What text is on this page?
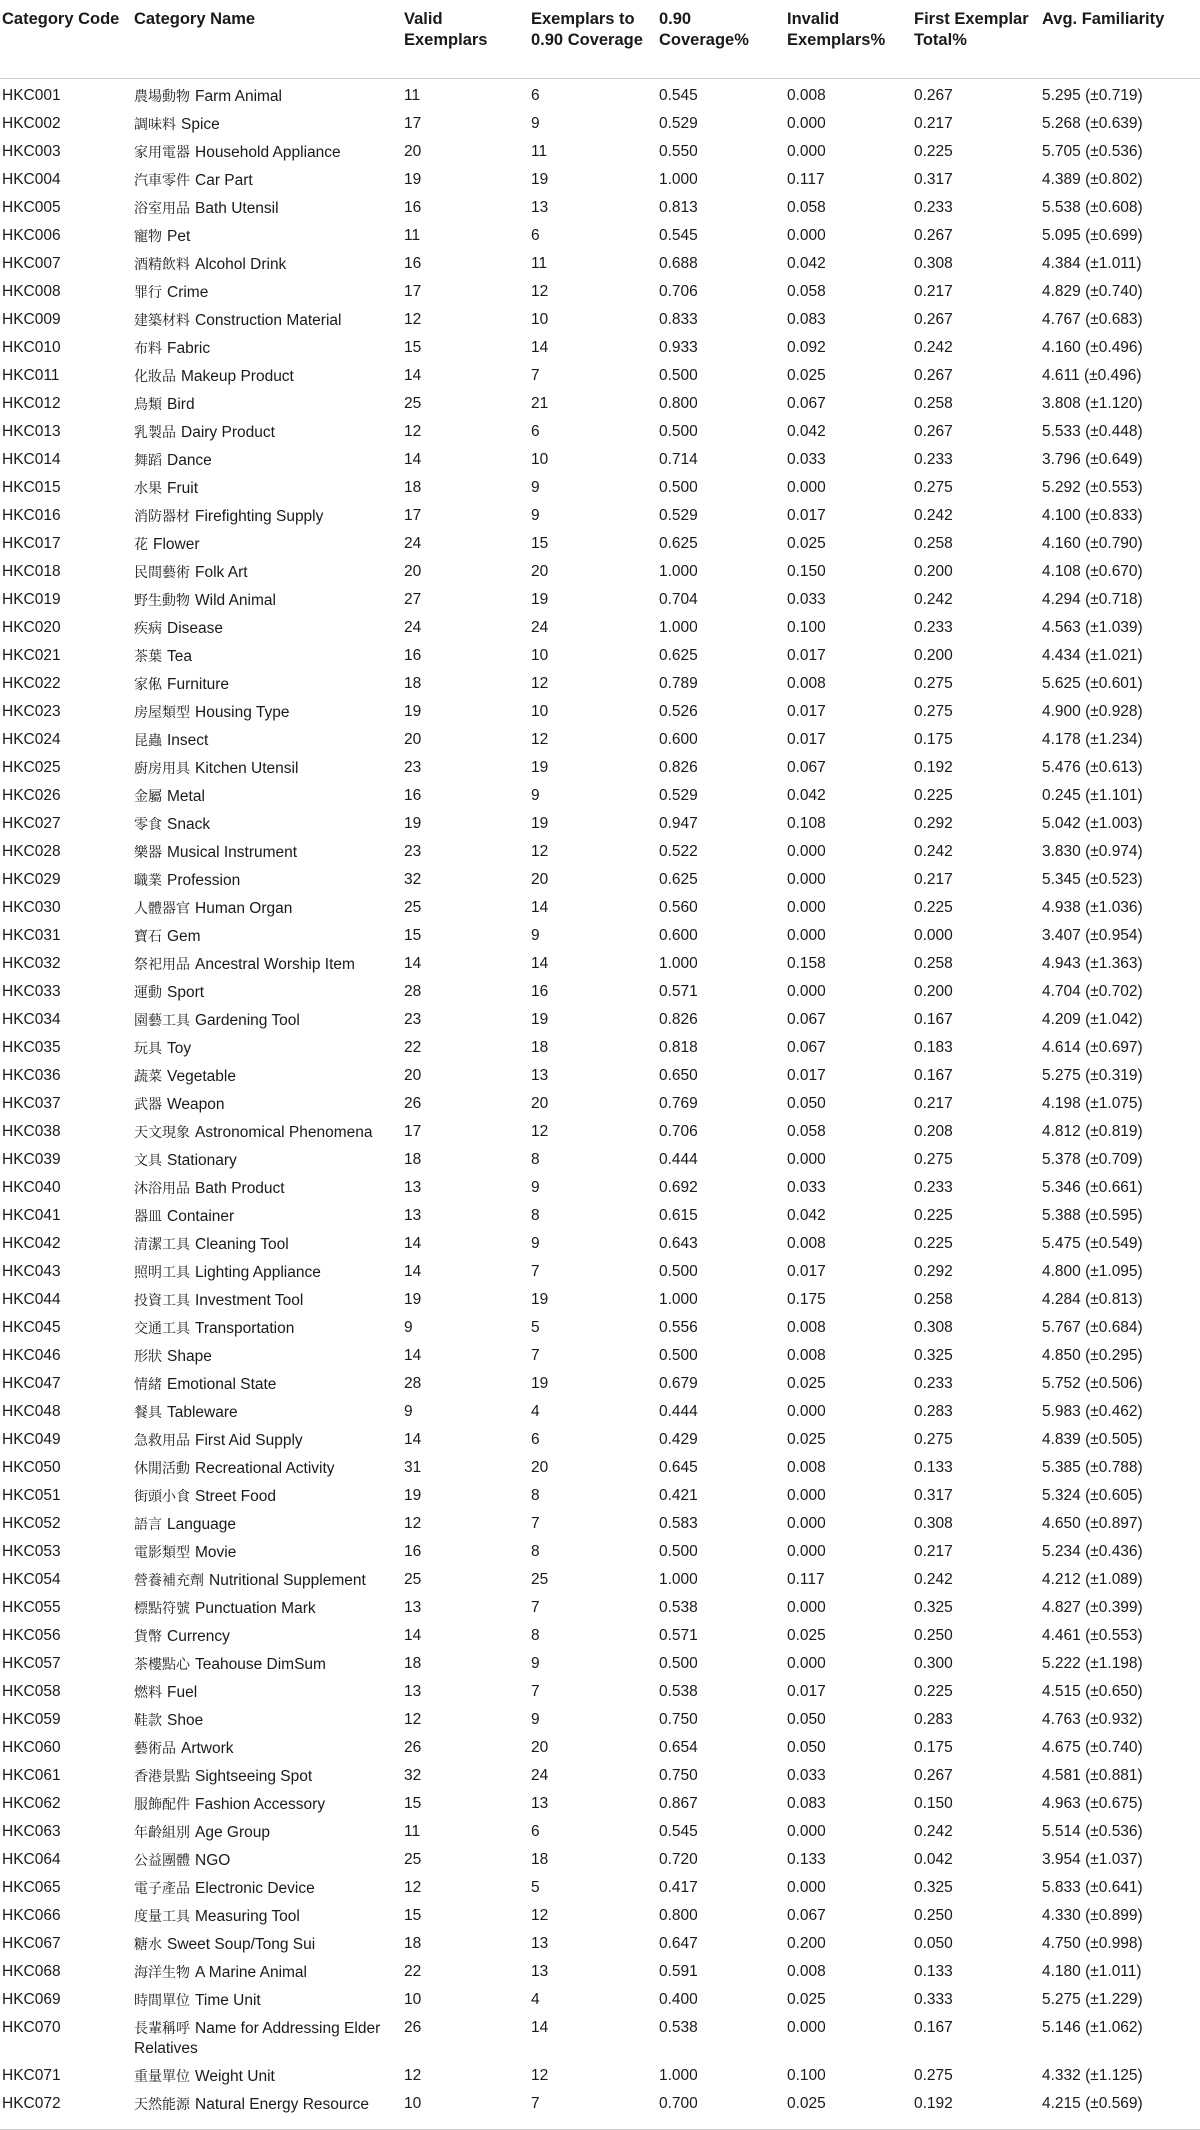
Category Code	Category Name	Valid Exemplars	Exemplars to 0.90 Coverage	0.90 Coverage%	Invalid Exemplars%	First Exemplar Total%	Avg. Familiarity
HKC001	農場動物 Farm Animal	11	6	0.545	0.008	0.267	5.295 (±0.719)
HKC002	調味料 Spice	17	9	0.529	0.000	0.217	5.268 (±0.639)
HKC003	家用電器 Household Appliance	20	11	0.550	0.000	0.225	5.705 (±0.536)
HKC004	汽車零件 Car Part	19	19	1.000	0.117	0.317	4.389 (±0.802)
HKC005	浴室用品 Bath Utensil	16	13	0.813	0.058	0.233	5.538 (±0.608)
HKC006	寵物 Pet	11	6	0.545	0.000	0.267	5.095 (±0.699)
HKC007	酒精飲料 Alcohol Drink	16	11	0.688	0.042	0.308	4.384 (±1.011)
HKC008	罪行 Crime	17	12	0.706	0.058	0.217	4.829 (±0.740)
HKC009	建築材料 Construction Material	12	10	0.833	0.083	0.267	4.767 (±0.683)
HKC010	布料 Fabric	15	14	0.933	0.092	0.242	4.160 (±0.496)
HKC011	化妝品 Makeup Product	14	7	0.500	0.025	0.267	4.611 (±0.496)
HKC012	鳥類 Bird	25	21	0.800	0.067	0.258	3.808 (±1.120)
HKC013	乳製品 Dairy Product	12	6	0.500	0.042	0.267	5.533 (±0.448)
HKC014	舞蹈 Dance	14	10	0.714	0.033	0.233	3.796 (±0.649)
HKC015	水果 Fruit	18	9	0.500	0.000	0.275	5.292 (±0.553)
HKC016	消防器材 Firefighting Supply	17	9	0.529	0.017	0.242	4.100 (±0.833)
HKC017	花 Flower	24	15	0.625	0.025	0.258	4.160 (±0.790)
HKC018	民間藝術 Folk Art	20	20	1.000	0.150	0.200	4.108 (±0.670)
HKC019	野生動物 Wild Animal	27	19	0.704	0.033	0.242	4.294 (±0.718)
HKC020	疾病 Disease	24	24	1.000	0.100	0.233	4.563 (±1.039)
HKC021	茶葉 Tea	16	10	0.625	0.017	0.200	4.434 (±1.021)
HKC022	家俬 Furniture	18	12	0.789	0.008	0.275	5.625 (±0.601)
HKC023	房屋類型 Housing Type	19	10	0.526	0.017	0.275	4.900 (±0.928)
HKC024	昆蟲 Insect	20	12	0.600	0.017	0.175	4.178 (±1.234)
HKC025	廚房用具 Kitchen Utensil	23	19	0.826	0.067	0.192	5.476 (±0.613)
HKC026	金屬 Metal	16	9	0.529	0.042	0.225	0.245 (±1.101)
HKC027	零食 Snack	19	19	0.947	0.108	0.292	5.042 (±1.003)
HKC028	樂器 Musical Instrument	23	12	0.522	0.000	0.242	3.830 (±0.974)
HKC029	職業 Profession	32	20	0.625	0.000	0.217	5.345 (±0.523)
HKC030	人體器官 Human Organ	25	14	0.560	0.000	0.225	4.938 (±1.036)
HKC031	寶石 Gem	15	9	0.600	0.000	0.000	3.407 (±0.954)
HKC032	祭祀用品 Ancestral Worship Item	14	14	1.000	0.158	0.258	4.943 (±1.363)
HKC033	運動 Sport	28	16	0.571	0.000	0.200	4.704 (±0.702)
HKC034	園藝工具 Gardening Tool	23	19	0.826	0.067	0.167	4.209 (±1.042)
HKC035	玩具 Toy	22	18	0.818	0.067	0.183	4.614 (±0.697)
HKC036	蔬菜 Vegetable	20	13	0.650	0.017	0.167	5.275 (±0.319)
HKC037	武器 Weapon	26	20	0.769	0.050	0.217	4.198 (±1.075)
HKC038	天文現象 Astronomical Phenomena	17	12	0.706	0.058	0.208	4.812 (±0.819)
HKC039	文具 Stationary	18	8	0.444	0.000	0.275	5.378 (±0.709)
HKC040	沐浴用品 Bath Product	13	9	0.692	0.033	0.233	5.346 (±0.661)
HKC041	器皿 Container	13	8	0.615	0.042	0.225	5.388 (±0.595)
HKC042	清潔工具 Cleaning Tool	14	9	0.643	0.008	0.225	5.475 (±0.549)
HKC043	照明工具 Lighting Appliance	14	7	0.500	0.017	0.292	4.800 (±1.095)
HKC044	投資工具 Investment Tool	19	19	1.000	0.175	0.258	4.284 (±0.813)
HKC045	交通工具 Transportation	9	5	0.556	0.008	0.308	5.767 (±0.684)
HKC046	形狀 Shape	14	7	0.500	0.008	0.325	4.850 (±0.295)
HKC047	情緒 Emotional State	28	19	0.679	0.025	0.233	5.752 (±0.506)
HKC048	餐具 Tableware	9	4	0.444	0.000	0.283	5.983 (±0.462)
HKC049	急救用品 First Aid Supply	14	6	0.429	0.025	0.275	4.839 (±0.505)
HKC050	休閒活動 Recreational Activity	31	20	0.645	0.008	0.133	5.385 (±0.788)
HKC051	街頭小食 Street Food	19	8	0.421	0.000	0.317	5.324 (±0.605)
HKC052	語言 Language	12	7	0.583	0.000	0.308	4.650 (±0.897)
HKC053	電影類型 Movie	16	8	0.500	0.000	0.217	5.234 (±0.436)
HKC054	營養補充劑 Nutritional Supplement	25	25	1.000	0.117	0.242	4.212 (±1.089)
HKC055	標點符號 Punctuation Mark	13	7	0.538	0.000	0.325	4.827 (±0.399)
HKC056	貨幣 Currency	14	8	0.571	0.025	0.250	4.461 (±0.553)
HKC057	茶樓點心 Teahouse DimSum	18	9	0.500	0.000	0.300	5.222 (±1.198)
HKC058	燃料 Fuel	13	7	0.538	0.017	0.225	4.515 (±0.650)
HKC059	鞋款 Shoe	12	9	0.750	0.050	0.283	4.763 (±0.932)
HKC060	藝術品 Artwork	26	20	0.654	0.050	0.175	4.675 (±0.740)
HKC061	香港景點 Sightseeing Spot	32	24	0.750	0.033	0.267	4.581 (±0.881)
HKC062	服飾配件 Fashion Accessory	15	13	0.867	0.083	0.150	4.963 (±0.675)
HKC063	年齡組別 Age Group	11	6	0.545	0.000	0.242	5.514 (±0.536)
HKC064	公益團體 NGO	25	18	0.720	0.133	0.042	3.954 (±1.037)
HKC065	電子產品 Electronic Device	12	5	0.417	0.000	0.325	5.833 (±0.641)
HKC066	度量工具 Measuring Tool	15	12	0.800	0.067	0.250	4.330 (±0.899)
HKC067	糖水 Sweet Soup/Tong Sui	18	13	0.647	0.200	0.050	4.750 (±0.998)
HKC068	海洋生物 A Marine Animal	22	13	0.591	0.008	0.133	4.180 (±1.011)
HKC069	時間單位 Time Unit	10	4	0.400	0.025	0.333	5.275 (±1.229)
HKC070	長輩稱呼 Name for Addressing Elder Relatives	26	14	0.538	0.000	0.167	5.146 (±1.062)
HKC071	重量單位 Weight Unit	12	12	1.000	0.100	0.275	4.332 (±1.125)
HKC072	天然能源 Natural Energy Resource	10	7	0.700	0.025	0.192	4.215 (±0.569)
